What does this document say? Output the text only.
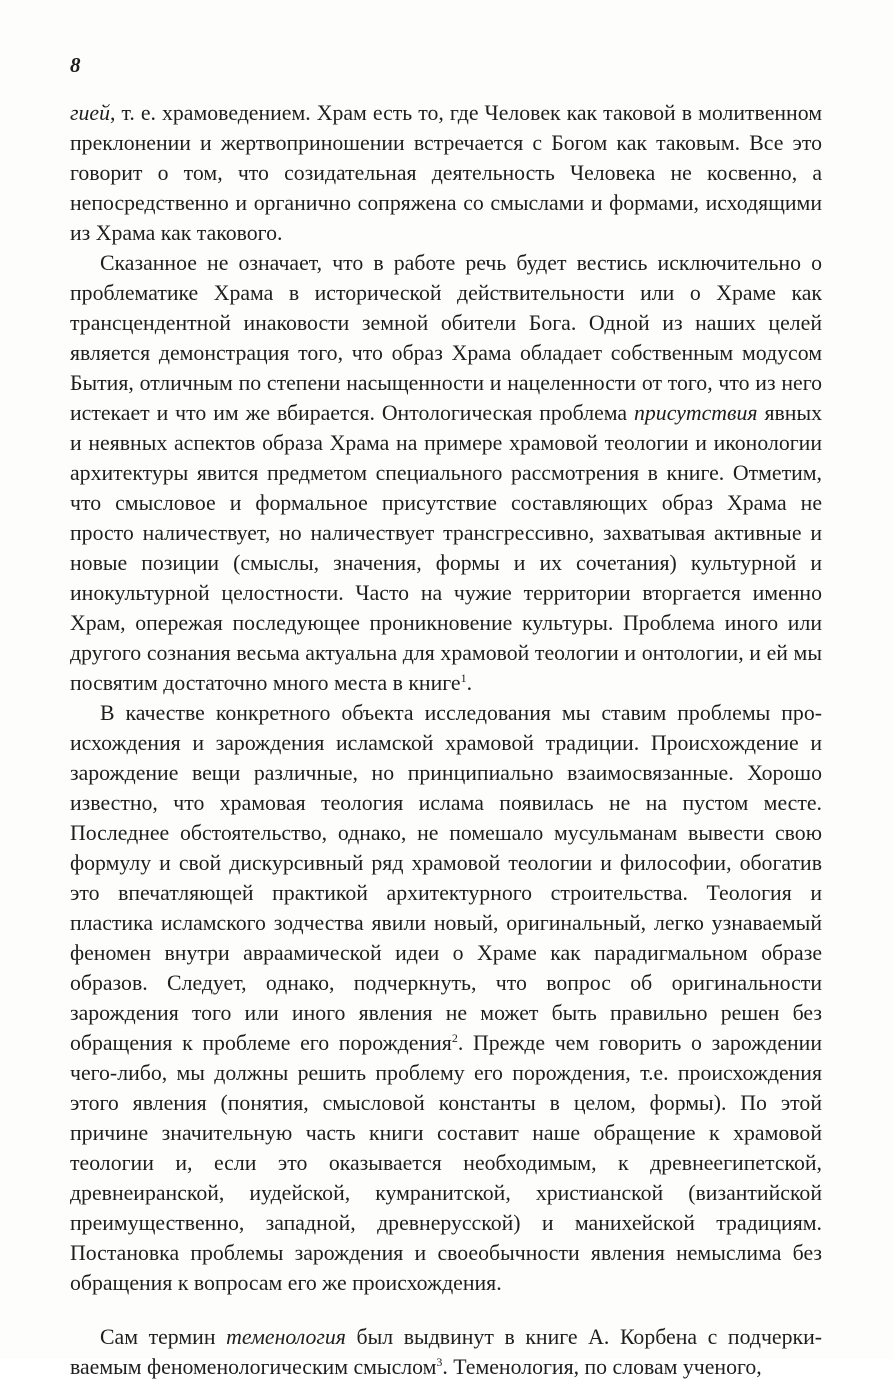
8

гией, т. е. храмоведением. Храм есть то, где Человек как таковой в молитвенном преклонении и жертвоприношении встречается с Богом как таковым. Все это говорит о том, что созидательная деятельность Человека не косвенно, а непосредственно и органично сопряжена со смыслами и формами, исходящими из Храма как такового.

Сказанное не означает, что в работе речь будет вестись исключительно о проблематике Храма в исторической действительности или о Храме как трансцендентной инаковости земной обители Бога. Одной из наших целей является демонстрация того, что образ Храма обладает собственным модусом Бытия, отличным по степени насыщенности и нацеленности от того, что из него истекает и что им же вбирается. Онтологическая проблема присутствия явных и неявных аспектов образа Храма на примере храмовой теологии и иконологии архитектуры явится предметом специального рассмотрения в книге. Отметим, что смысловое и формальное присутствие составляющих образ Храма не просто наличествует, но наличествует трансгрессивно, захватывая активные и новые позиции (смыслы, значения, формы и их сочетания) культурной и инокультурной целостности. Часто на чужие территории вторгается именно Храм, опережая последующее проникновение культуры. Проблема иного или другого сознания весьма актуальна для храмовой теологии и онтологии, и ей мы посвятим достаточно много места в книге$^1$.

В качестве конкретного объекта исследования мы ставим проблемы происхождения и зарождения исламской храмовой традиции. Происхождение и зарождение вещи различные, но принципиально взаимосвязанные. Хорошо известно, что храмовая теология ислама появилась не на пустом месте. Последнее обстоятельство, однако, не помешало мусульманам вывести свою формулу и свой дискурсивный ряд храмовой теологии и философии, обогатив это впечатляющей практикой архитектурного строительства. Теология и пластика исламского зодчества явили новый, оригинальный, легко узнаваемый феномен внутри авраамической идеи о Храме как парадигмальном образе образов. Следует, однако, подчеркнуть, что вопрос об оригинальности зарождения того или иного явления не может быть правильно решен без обращения к проблеме его порождения$^2$. Прежде чем говорить о зарождении чего-либо, мы должны решить проблему его порождения, т.е. происхождения этого явления (понятия, смысловой константы в целом, формы). По этой причине значительную часть книги составит наше обращение к храмовой теологии и, если это оказывается необходимым, к древнеегипетской, древнеиранской, иудейской, кумранитской, христианской (византийской преимущественно, западной, древнерусской) и манихейской традициям. Постановка проблемы зарождения и своеобычности явления немыслима без обращения к вопросам его же происхождения.

Сам термин теменология был выдвинут в книге А. Корбена с подчеркиваемым феноменологическим смыслом$^3$. Теменология, по словам ученого,
